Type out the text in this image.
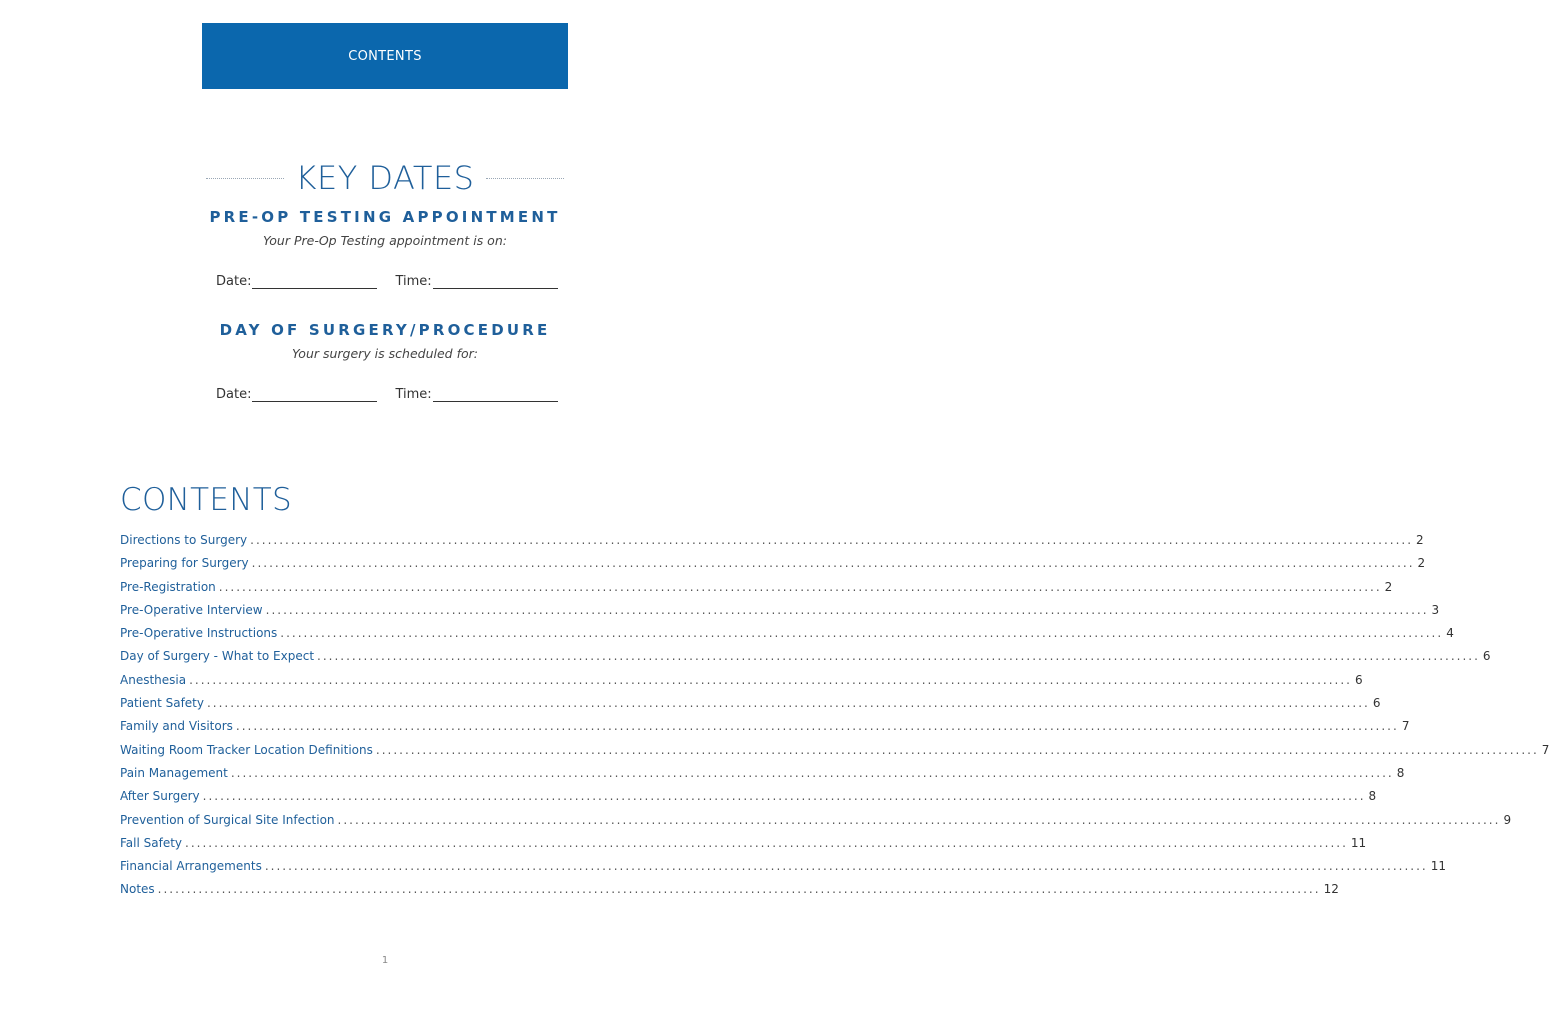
CONTENTS
KEY DATES
PRE-OP TESTING APPOINTMENT
Your Pre-Op Testing appointment is on:
Date:	Time:
DAY OF SURGERY/PROCEDURE
Your surgery is scheduled for:
Date:	Time:
CONTENTS
Directions to Surgery ........................................................................................................................................................................................................ 2
Preparing for Surgery ........................................................................................................................................................................................................ 2
Pre-Registration ........................................................................................................................................................................................................ 2
Pre-Operative Interview ........................................................................................................................................................................................................ 3
Pre-Operative Instructions ........................................................................................................................................................................................................ 4
Day of Surgery - What to Expect ........................................................................................................................................................................................................ 6
Anesthesia ........................................................................................................................................................................................................ 6
Patient Safety ........................................................................................................................................................................................................ 6
Family and Visitors ........................................................................................................................................................................................................ 7
Waiting Room Tracker Location Definitions ........................................................................................................................................................................................................ 7
Pain Management ........................................................................................................................................................................................................ 8
After Surgery ........................................................................................................................................................................................................ 8
Prevention of Surgical Site Infection ........................................................................................................................................................................................................ 9
Fall Safety ........................................................................................................................................................................................................ 11
Financial Arrangements ........................................................................................................................................................................................................ 11
Notes ........................................................................................................................................................................................................ 12
1
